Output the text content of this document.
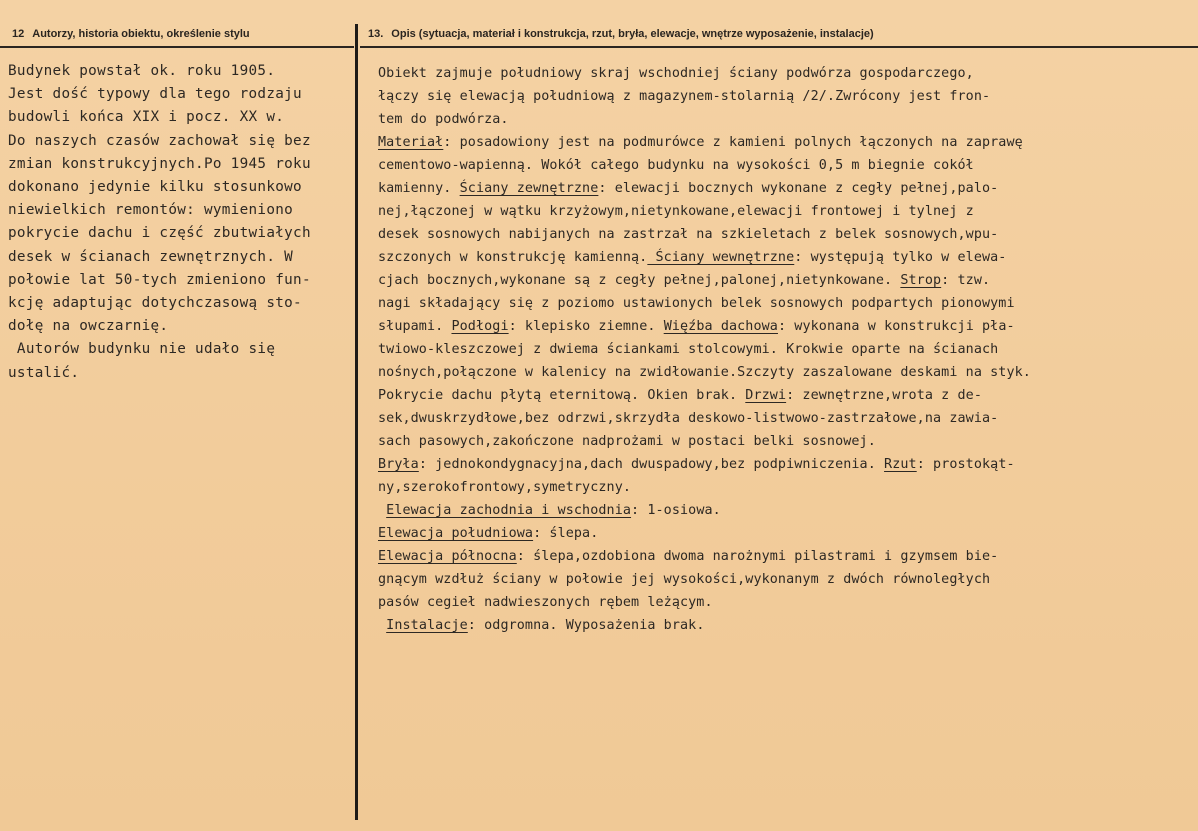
12 Autorzy, historia obiektu, określenie stylu
Budynek powstał ok. roku 1905.
Jest dość typowy dla tego rodzaju
budowli końca XIX i pocz. XX w.
Do naszych czasów zachował się bez
zmian konstrukcyjnych.Po 1945 roku
dokonano jedynie kilku stosunkowo
niewielkich remontów: wymieniono
pokrycie dachu i część zbutwiałych
desek w ścianach zewnętrznych. W
połowie lat 50-tych zmieniono fun-
kcję adaptując dotychczasową sto-
dołę na owczarnię.
Autorów budynku nie udało się
ustalić.
13. Opis (sytuacja, materiał i konstrukcja, rzut, bryła, elewacje, wnętrze wyposażenie, instalacje)
Obiekt zajmuje południowy skraj wschodniej ściany podwórza gospodarczego,
łączy się elewacją południową z magazynem-stolarnią /2/.Zwrócony jest fron-
tem do podwórza.
Materiał: posadowiony jest na podmurówce z kamieni polnych łączonych na zaprawę
cementowo-wapienną. Wokół całego budynku na wysokości 0,5 m biegnie cokół
kamienny. Ściany zewnętrzne: elewacji bocznych wykonane z cegły pełnej,palo-
nej,łączonej w wątku krzyżowym,nietynkowane,elewacji frontowej i tylnej z
desek sosnowych nabijanych na zastrzał na szkieletach z belek sosnowych,wpu-
szczonych w konstrukcję kamienną. Ściany wewnętrzne: występują tylko w elewa-
cjach bocznych,wykonane są z cegły pełnej,palonej,nietynkowane. Strop: tzw.
nagi składający się z poziomo ustawionych belek sosnowych podpartych pionowymi
słupami. Podłogi: klepisko ziemne. Więźba dachowa: wykonana w konstrukcji pła-
twiowo-kleszczowej z dwiema ściankami stolcowymi. Krokwie oparte na ścianach
nośnych,połączone w kalenicy na zwidłowanie.Szczyty zaszalowane deskami na styk.
Pokrycie dachu płytą eternitową. Okien brak. Drzwi: zewnętrzne,wrota z de-
sek,dwuskrzydłowe,bez odrzwi,skrzydła deskowo-listwowo-zastrzałowe,na zawia-
sach pasowych,zakończone nadprożami w postaci belki sosnowej.
Bryła: jednokondygnacyjna,dach dwuspadowy,bez podpiwniczenia. Rzut: prostokąt-
ny,szerokofrontowy,symetryczny.
Elewacja zachodnia i wschodnia: 1-osiowa.
Elewacja południowa: ślepa.
Elewacja północna: ślepa,ozdobiona dwoma narożnymi pilastrami i gzymsem bie-
gnącym wzdłuż ściany w połowie jej wysokości,wykonanym z dwóch równoległych
pasów cegieł nadwieszonych rębem leżącym.
Instalacje: odgromna. Wyposażenia brak.
